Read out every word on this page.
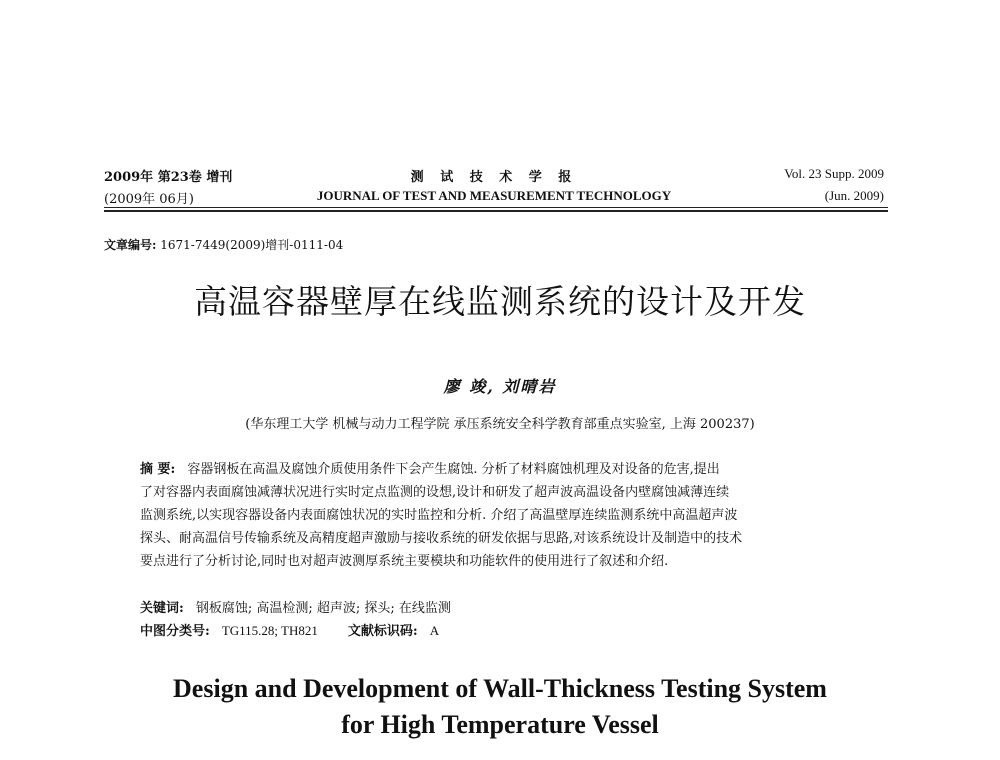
2009年 第23卷 增刊	测 试 技 术 学 报	Vol. 23 Supp. 2009
(2009年 06月)	JOURNAL OF TEST AND MEASUREMENT TECHNOLOGY	(Jun. 2009)
文章编号: 1671-7449(2009)增刊-0111-04
高温容器壁厚在线监测系统的设计及开发
廖 竣, 刘晴岩
(华东理工大学 机械与动力工程学院 承压系统安全科学教育部重点实验室, 上海 200237)
摘 要: 容器钢板在高温及腐蚀介质使用条件下会产生腐蚀. 分析了材料腐蚀机理及对设备的危害,提出
了对容器内表面腐蚀减薄状况进行实时定点监测的设想,设计和研发了超声波高温设备内壁腐蚀减薄连续
监测系统,以实现容器设备内表面腐蚀状况的实时监控和分析. 介绍了高温壁厚连续监测系统中高温超声波
探头、耐高温信号传输系统及高精度超声激励与接收系统的研发依据与思路,对该系统设计及制造中的技术
要点进行了分析讨论,同时也对超声波测厚系统主要模块和功能软件的使用进行了叙述和介绍.
关键词: 钢板腐蚀; 高温检测; 超声波; 探头; 在线监测
中图分类号: TG115.28; TH821 文献标识码: A
Design and Development of Wall-Thickness Testing System
for High Temperature Vessel
